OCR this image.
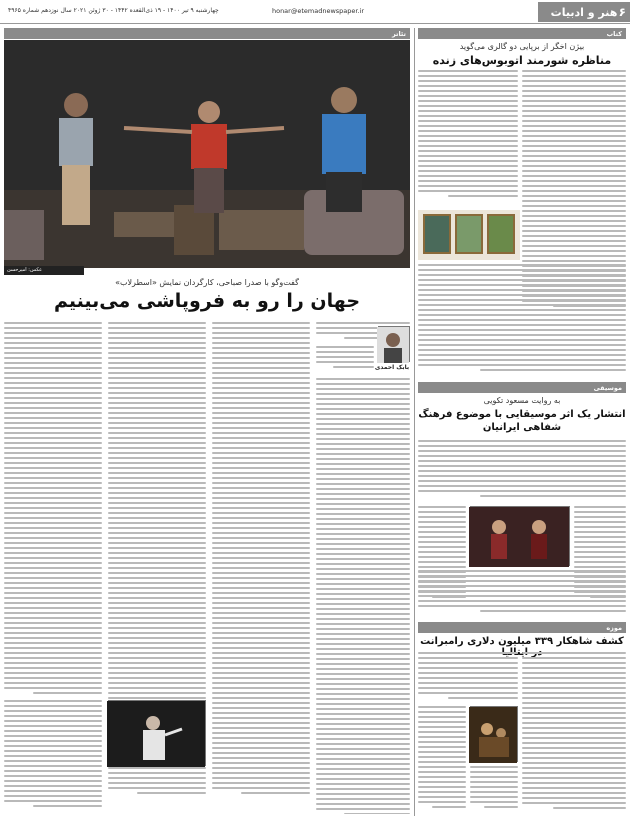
هنر و ادبیات ۶
honar@etemadnewspaper.ir
چهارشنبه ۹ تیر ۱۴۰۰ - ۱۹ ذی‌القعده ۱۴۴۲ - ۳۰ ژوئن ۲۰۲۱ سال نوزدهم شماره ۴۹۶۵
تئاتر
عکس: امیرحسن
گفت‌وگو با صدرا صباحی، کارگردان نمایش «اسطرلاب»
جهان را رو به فروپاشی می‌بینیم
بابک احمدی
کتاب
بیژن اخگر از برپایی دو گالری می‌گوید
مناظره شورمند اتوبوس‌های زنده
موسیقی
به روایت مسعود تکویی
انتشار یک اثر موسیقایی با موضوع فرهنگ شفاهی ایرانیان
موزه
کشف شاهکار ۳۳۹ میلیون دلاری رامبرانت
